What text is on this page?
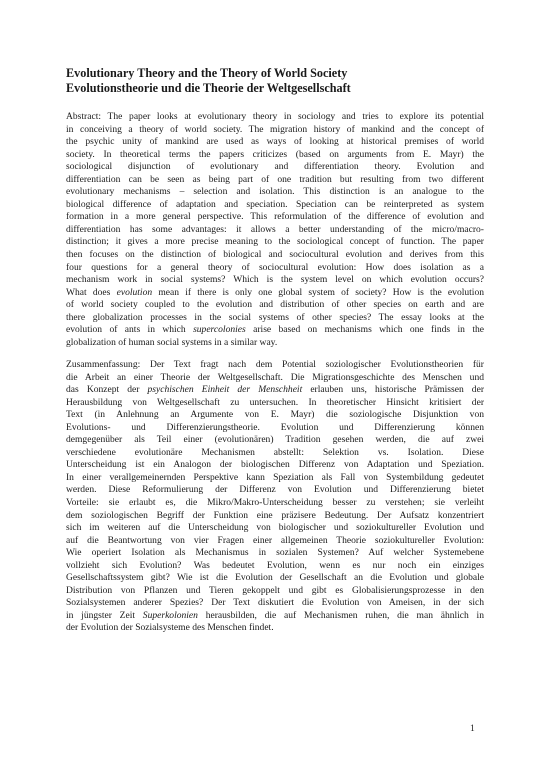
Evolutionary Theory and the Theory of World Society

Evolutionstheorie und die Theorie der Weltgesellschaft

Abstract: The paper looks at evolutionary theory in sociology and tries to explore its potential
in conceiving a theory of world society. The migration history of mankind and the concept of
the psychic unity of mankind are used as ways of looking at historical premises of world
society. In theoretical terms the papers criticizes (based on arguments from E. Mayr) the
sociological disjunction of evolutionary and differentiation theory. Evolution and
differentiation can be seen as being part of one tradition but resulting from two different
evolutionary mechanisms – selection and isolation. This distinction is an analogue to the
biological difference of adaptation and speciation. Speciation can be reinterpreted as system
formation in a more general perspective. This reformulation of the difference of evolution and
differentiation has some advantages: it allows a better understanding of the micro/macro-
distinction; it gives a more precise meaning to the sociological concept of function. The paper
then focuses on the distinction of biological and sociocultural evolution and derives from this
four questions for a general theory of sociocultural evolution: How does isolation as a
mechanism work in social systems? Which is the system level on which evolution occurs?
What does evolution mean if there is only one global system of society? How is the evolution
of world society coupled to the evolution and distribution of other species on earth and are
there globalization processes in the social systems of other species? The essay looks at the
evolution of ants in which supercolonies arise based on mechanisms which one finds in the
globalization of human social systems in a similar way.
Zusammenfassung: Der Text fragt nach dem Potential soziologischer Evolutionstheorien für
die Arbeit an einer Theorie der Weltgesellschaft. Die Migrationsgeschichte des Menschen und
das Konzept der psychischen Einheit der Menschheit erlauben uns, historische Prämissen der
Herausbildung von Weltgesellschaft zu untersuchen. In theoretischer Hinsicht kritisiert der
Text (in Anlehnung an Argumente von E. Mayr) die soziologische Disjunktion von
Evolutions- und Differenzierungstheorie. Evolution und Differenzierung können
demgegenüber als Teil einer (evolutionären) Tradition gesehen werden, die auf zwei
verschiedene evolutionäre Mechanismen abstellt: Selektion vs. Isolation. Diese
Unterscheidung ist ein Analogon der biologischen Differenz von Adaptation und Speziation.
In einer verallgemeinernden Perspektive kann Speziation als Fall von Systembildung gedeutet
werden. Diese Reformulierung der Differenz von Evolution und Differenzierung bietet
Vorteile: sie erlaubt es, die Mikro/Makro-Unterscheidung besser zu verstehen; sie verleiht
dem soziologischen Begriff der Funktion eine präzisere Bedeutung. Der Aufsatz konzentriert
sich im weiteren auf die Unterscheidung von biologischer und soziokultureller Evolution und
auf die Beantwortung von vier Fragen einer allgemeinen Theorie soziokultureller Evolution:
Wie operiert Isolation als Mechanismus in sozialen Systemen? Auf welcher Systemebene
vollzieht sich Evolution? Was bedeutet Evolution, wenn es nur noch ein einziges
Gesellschaftssystem gibt? Wie ist die Evolution der Gesellschaft an die Evolution und globale
Distribution von Pflanzen und Tieren gekoppelt und gibt es Globalisierungsprozesse in den
Sozialsystemen anderer Spezies? Der Text diskutiert die Evolution von Ameisen, in der sich
in jüngster Zeit Superkolonien herausbilden, die auf Mechanismen ruhen, die man ähnlich in
der Evolution der Sozialsysteme des Menschen findet.
1
